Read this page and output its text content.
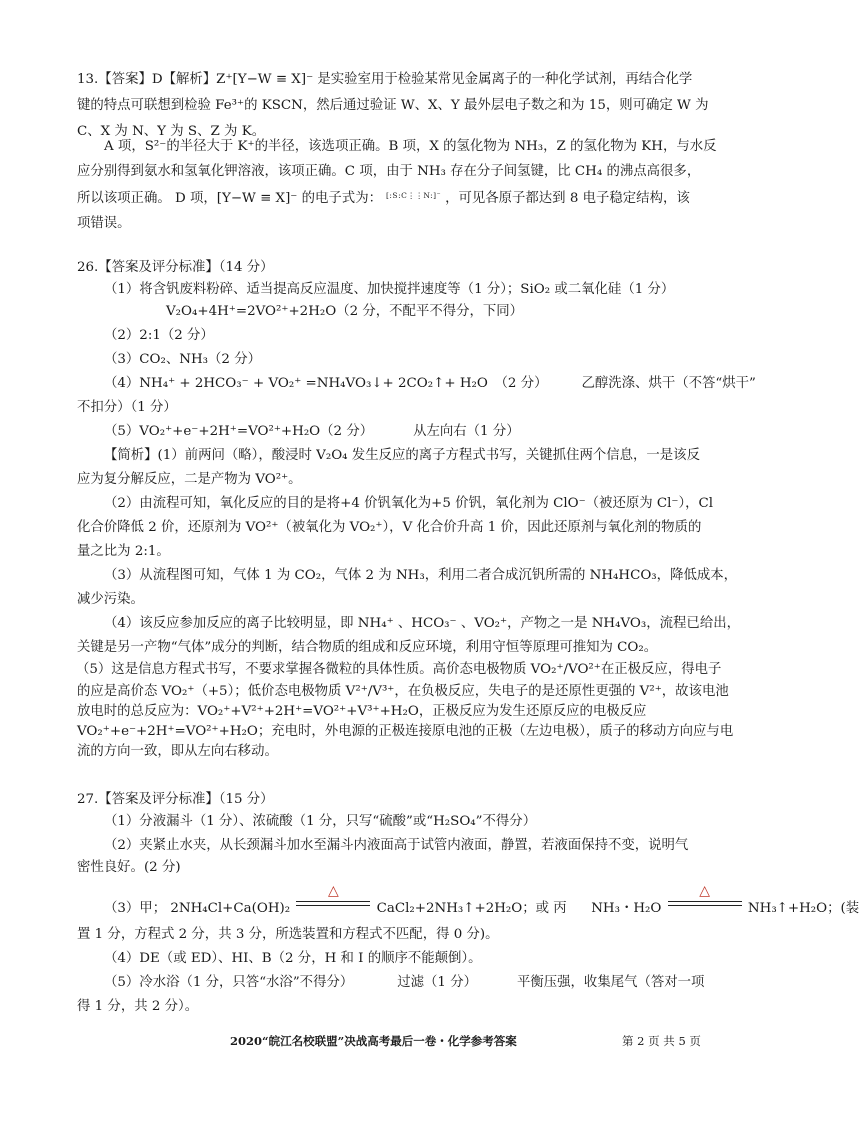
13.【答案】D【解析】Z⁺[Y−W ≡ X]⁻ 是实验室用于检验某常见金属离子的一种化学试剂，再结合化学
键的特点可联想到检验 Fe³⁺的 KSCN，然后通过验证 W、X、Y 最外层电子数之和为 15，则可确定 W 为
C、X 为 N、Y 为 S、Z 为 K。
A 项，S²⁻的半径大于 K⁺的半径，该选项正确。B 项，X 的氢化物为 NH₃，Z 的氢化物为 KH，与水反
应分别得到氨水和氢氧化钾溶液，该项正确。C 项，由于 NH₃ 存在分子间氢键，比 CH₄ 的沸点高很多，
所以该项正确。 D 项，[Y−W ≡ X]⁻ 的电子式为： [:S:C⋮⋮N:]⁻ ，可见各原子都达到 8 电子稳定结构，该
项错误。
26.【答案及评分标准】（14 分）
（1）将含钒废料粉碎、适当提高反应温度、加快搅拌速度等（1 分）；SiO₂ 或二氧化硅（1 分）
V₂O₄+4H⁺=2VO²⁺+2H₂O（2 分，不配平不得分，下同）
（2）2:1（2 分）
（3）CO₂、NH₃（2 分）
（4）NH₄⁺ + 2HCO₃⁻ + VO₂⁺ =NH₄VO₃↓+ 2CO₂↑+ H₂O　（2 分）	乙醇洗涤、烘干（不答“烘干”
不扣分）（1 分）
（5）VO₂⁺+e⁻+2H⁺=VO²⁺+H₂O（2 分）	从左向右（1 分）
【简析】(1）前两问（略），酸浸时 V₂O₄ 发生反应的离子方程式书写，关键抓住两个信息，一是该反
应为复分解反应，二是产物为 VO²⁺。
（2）由流程可知，氧化反应的目的是将+4 价钒氧化为+5 价钒，氧化剂为 ClO⁻（被还原为 Cl⁻），Cl
化合价降低 2 价，还原剂为 VO²⁺（被氧化为 VO₂⁺），V 化合价升高 1 价，因此还原剂与氧化剂的物质的
量之比为 2:1。
（3）从流程图可知，气体 1 为 CO₂，气体 2 为 NH₃，利用二者合成沉钒所需的 NH₄HCO₃，降低成本，
减少污染。
（4）该反应参加反应的离子比较明显，即 NH₄⁺ 、HCO₃⁻ 、VO₂⁺，产物之一是 NH₄VO₃，流程已给出，
关键是另一产物“气体”成分的判断，结合物质的组成和反应环境，利用守恒等原理可推知为 CO₂。
（5）这是信息方程式书写，不要求掌握各微粒的具体性质。高价态电极物质 VO₂⁺/VO²⁺在正极反应，得电子
的应是高价态 VO₂⁺（+5）；低价态电极物质 V²⁺/V³⁺，在负极反应，失电子的是还原性更强的 V²⁺，故该电池
放电时的总反应为：VO₂⁺+V²⁺+2H⁺=VO²⁺+V³⁺+H₂O，正极反应为发生还原反应的电极反应
VO₂⁺+e⁻+2H⁺=VO²⁺+H₂O；充电时，外电源的正极连接原电池的正极（左边电极），质子的移动方向应与电
流的方向一致，即从左向右移动。
27.【答案及评分标准】（15 分）
（1）分液漏斗（1 分）、浓硫酸（1 分，只写“硫酸”或“H₂SO₄”不得分）
（2）夹紧止水夹，从长颈漏斗加水至漏斗内液面高于试管内液面，静置，若液面保持不变，说明气
密性良好。(2 分)
（3）甲； 2NH₄Cl+Ca(OH)₂
△
CaCl₂+2NH₃↑+2H₂O；或 丙 NH₃・H₂O
△
NH₃↑+H₂O；(装
置 1 分，方程式 2 分，共 3 分，所选装置和方程式不匹配，得 0 分)。
（4）DE（或 ED）、HI、B（2 分，H 和 I 的顺序不能颠倒）。
（5）冷水浴（1 分，只答“水浴”不得分）	过滤（1 分）	平衡压强，收集尾气（答对一项
得 1 分，共 2 分）。
2020“皖江名校联盟”决战高考最后一卷・化学参考答案	第 2 页 共 5 页
